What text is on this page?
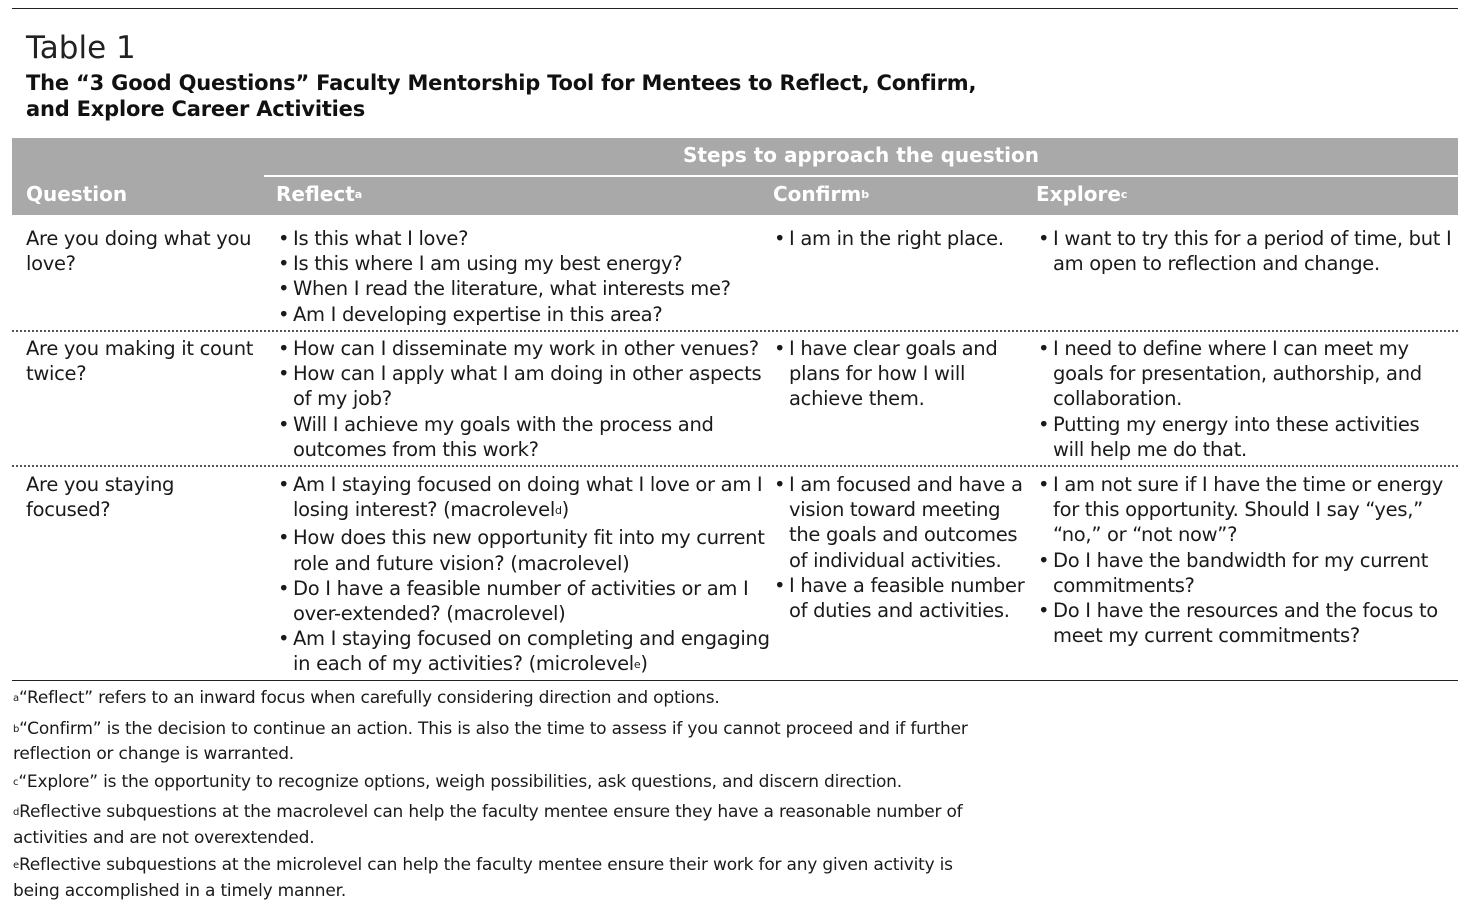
Table 1
The “3 Good Questions” Faculty Mentorship Tool for Mentees to Reflect, Confirm, and Explore Career Activities
Steps to approach the question
Question	Reflect$^a$	Confirm$^b$	Explore$^c$
Are you doing what you love?
• Is this what I love?
• Is this where I am using my best energy?
• When I read the literature, what interests me?
• Am I developing expertise in this area?
• I am in the right place.
•	I want to try this for a period of time, but I am open to reflection and change.
Are you making it count twice?
• How can I disseminate my work in other venues?
• How can I apply what I am doing in other aspects of my job?
• Will I achieve my goals with the process and outcomes from this work?
• I have clear goals and plans for how I will achieve them.
• I need to define where I can meet my goals for presentation, authorship, and collaboration.
• Putting my energy into these activities will help me do that.
Are you staying focused?
• Am I staying focused on doing what I love or am I losing interest? (macrolevel$^d$)
• How does this new opportunity fit into my current role and future vision? (macrolevel)
• Do I have a feasible number of activities or am I over-extended? (macrolevel)
• Am I staying focused on completing and engaging in each of my activities? (microlevel$^e$)
• I am focused and have a vision toward meeting the goals and outcomes of individual activities.
• I have a feasible number of duties and activities.
• I am not sure if I have the time or energy for this opportunity. Should I say “yes,” “no,” or “not now”?
• Do I have the bandwidth for my current commitments?
• Do I have the resources and the focus to meet my current commitments?

$^a$“Reflect” refers to an inward focus when carefully considering direction and options.

$^b$“Confirm” is the decision to continue an action. This is also the time to assess if you cannot proceed and if further reflection or change is warranted.

$^c$“Explore” is the opportunity to recognize options, weigh possibilities, ask questions, and discern direction.

$^d$Reflective subquestions at the macrolevel can help the faculty mentee ensure they have a reasonable number of activities and are not overextended.

$^e$Reflective subquestions at the microlevel can help the faculty mentee ensure their work for any given activity is being accomplished in a timely manner.
